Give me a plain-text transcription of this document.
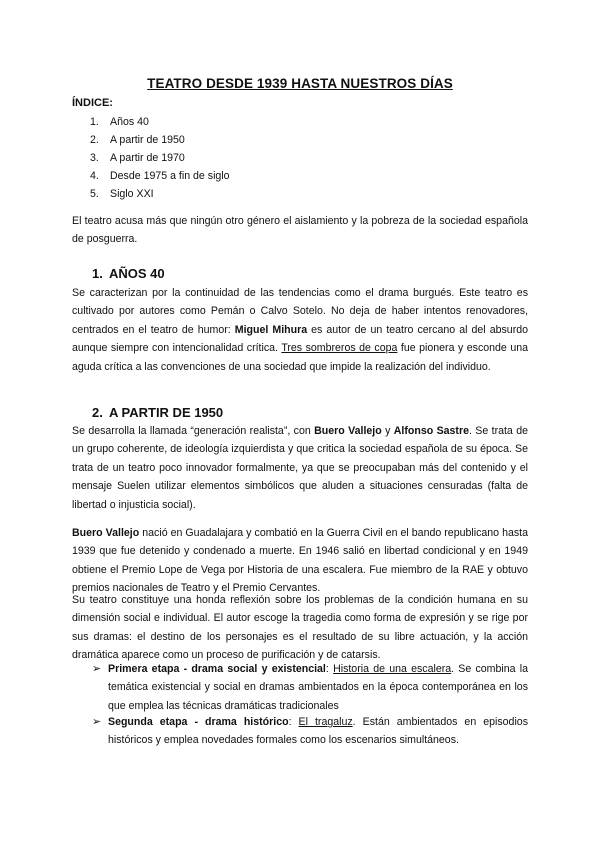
TEATRO DESDE 1939 HASTA NUESTROS DÍAS
ÍNDICE:
1.	Años 40
2.	A partir de 1950
3.	A partir de 1970
4.	Desde 1975 a fin de siglo
5.	Siglo XXI

El teatro acusa más que ningún otro género el aislamiento y la pobreza de la sociedad española de posguerra.

1. AÑOS 40

Se caracterizan por la continuidad de las tendencias como el drama burgués. Este teatro es cultivado por autores como Pemán o Calvo Sotelo. No deja de haber intentos renovadores, centrados en el teatro de humor: Miguel Mihura es autor de un teatro cercano al del absurdo aunque siempre con intencionalidad crítica. Tres sombreros de copa fue pionera y esconde una aguda crítica a las convenciones de una sociedad que impide la realización del individuo.

2. A PARTIR DE 1950

Se desarrolla la llamada “generación realista”, con Buero Vallejo y Alfonso Sastre. Se trata de un grupo coherente, de ideología izquierdista y que critica la sociedad española de su época. Se trata de un teatro poco innovador formalmente, ya que se preocupaban más del contenido y el mensaje Suelen utilizar elementos simbólicos que aluden a situaciones censuradas (falta de libertad o injusticia social).

Buero Vallejo nació en Guadalajara y combatió en la Guerra Civil en el bando republicano hasta 1939 que fue detenido y condenado a muerte. En 1946 salió en libertad condicional y en 1949 obtiene el Premio Lope de Vega por Historia de una escalera. Fue miembro de la RAE y obtuvo premios nacionales de Teatro y el Premio Cervantes.

Su teatro constituye una honda reflexión sobre los problemas de la condición humana en su dimensión social e individual. El autor escoge la tragedia como forma de expresión y se rige por sus dramas: el destino de los personajes es el resultado de su libre actuación, y la acción dramática aparece como un proceso de purificación y de catarsis.

➢ Primera etapa - drama social y existencial: Historia de una escalera. Se combina la temática existencial y social en dramas ambientados en la época contemporánea en los que emplea las técnicas dramáticas tradicionales
➢ Segunda etapa - drama histórico: El tragaluz. Están ambientados en episodios históricos y emplea novedades formales como los escenarios simultáneos.
